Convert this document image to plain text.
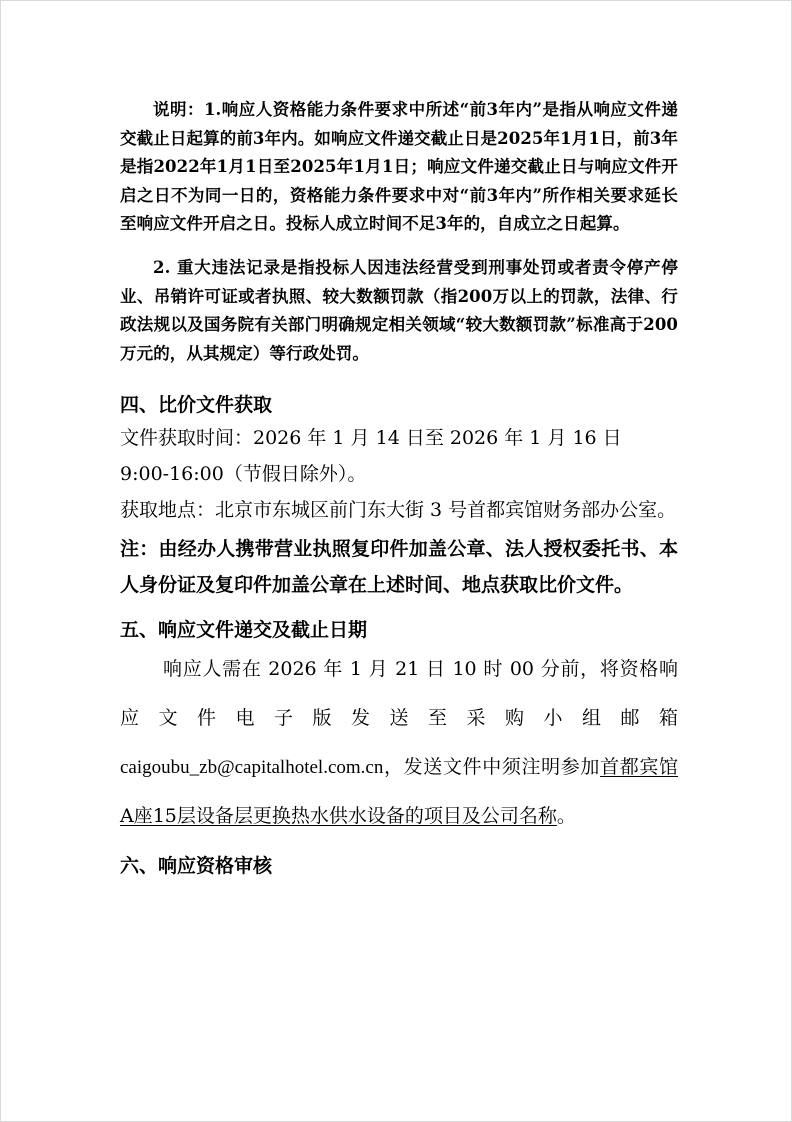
说明：1.响应人资格能力条件要求中所述“前3年内”是指从响应文件递交截止日起算的前3年内。如响应文件递交截止日是2025年1月1日，前3年是指2022年1月1日至2025年1月1日；响应文件递交截止日与响应文件开启之日不为同一日的，资格能力条件要求中对“前3年内”所作相关要求延长至响应文件开启之日。投标人成立时间不足3年的，自成立之日起算。

2. 重大违法记录是指投标人因违法经营受到刑事处罚或者责令停产停业、吊销许可证或者执照、较大数额罚款（指200万以上的罚款，法律、行政法规以及国务院有关部门明确规定相关领域“较大数额罚款”标准高于200万元的，从其规定）等行政处罚。

四、比价文件获取

文件获取时间：2026 年 1 月 14 日至 2026 年 1 月 16 日

9:00-16:00（节假日除外）。

获取地点：北京市东城区前门东大街 3 号首都宾馆财务部办公室。

注：由经办人携带营业执照复印件加盖公章、法人授权委托书、本人身份证及复印件加盖公章在上述时间、地点获取比价文件。

五、响应文件递交及截止日期

响应人需在 2026 年 1 月 21 日 10 时 00 分前，将资格响应文件电子版发送至采购小组邮箱caigoubu_zb@capitalhotel.com.cn，发送文件中须注明参加首都宾馆A座15层设备层更换热水供水设备的项目及公司名称。

六、响应资格审核
